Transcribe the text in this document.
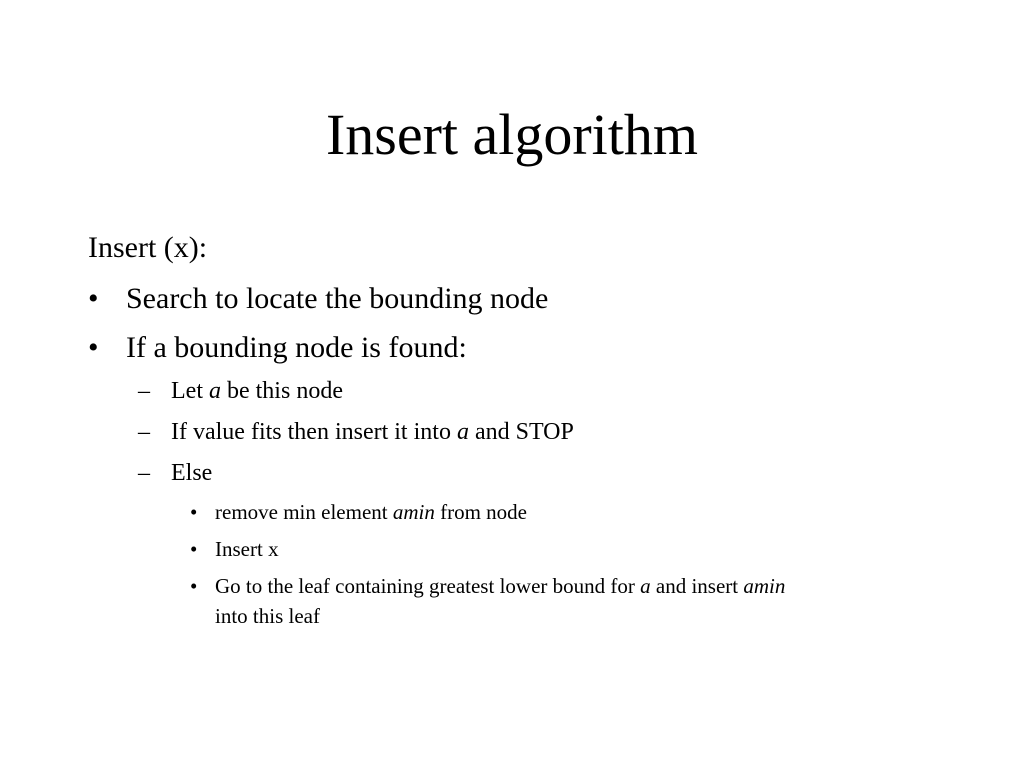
Insert algorithm
Insert (x):
• Search to locate the bounding node
• If a bounding node is found:
– Let a be this node
– If value fits then insert it into a and STOP
– Else
• remove min element amin from node
• Insert x
• Go to the leaf containing greatest lower bound for a and insert amin
into this leaf
